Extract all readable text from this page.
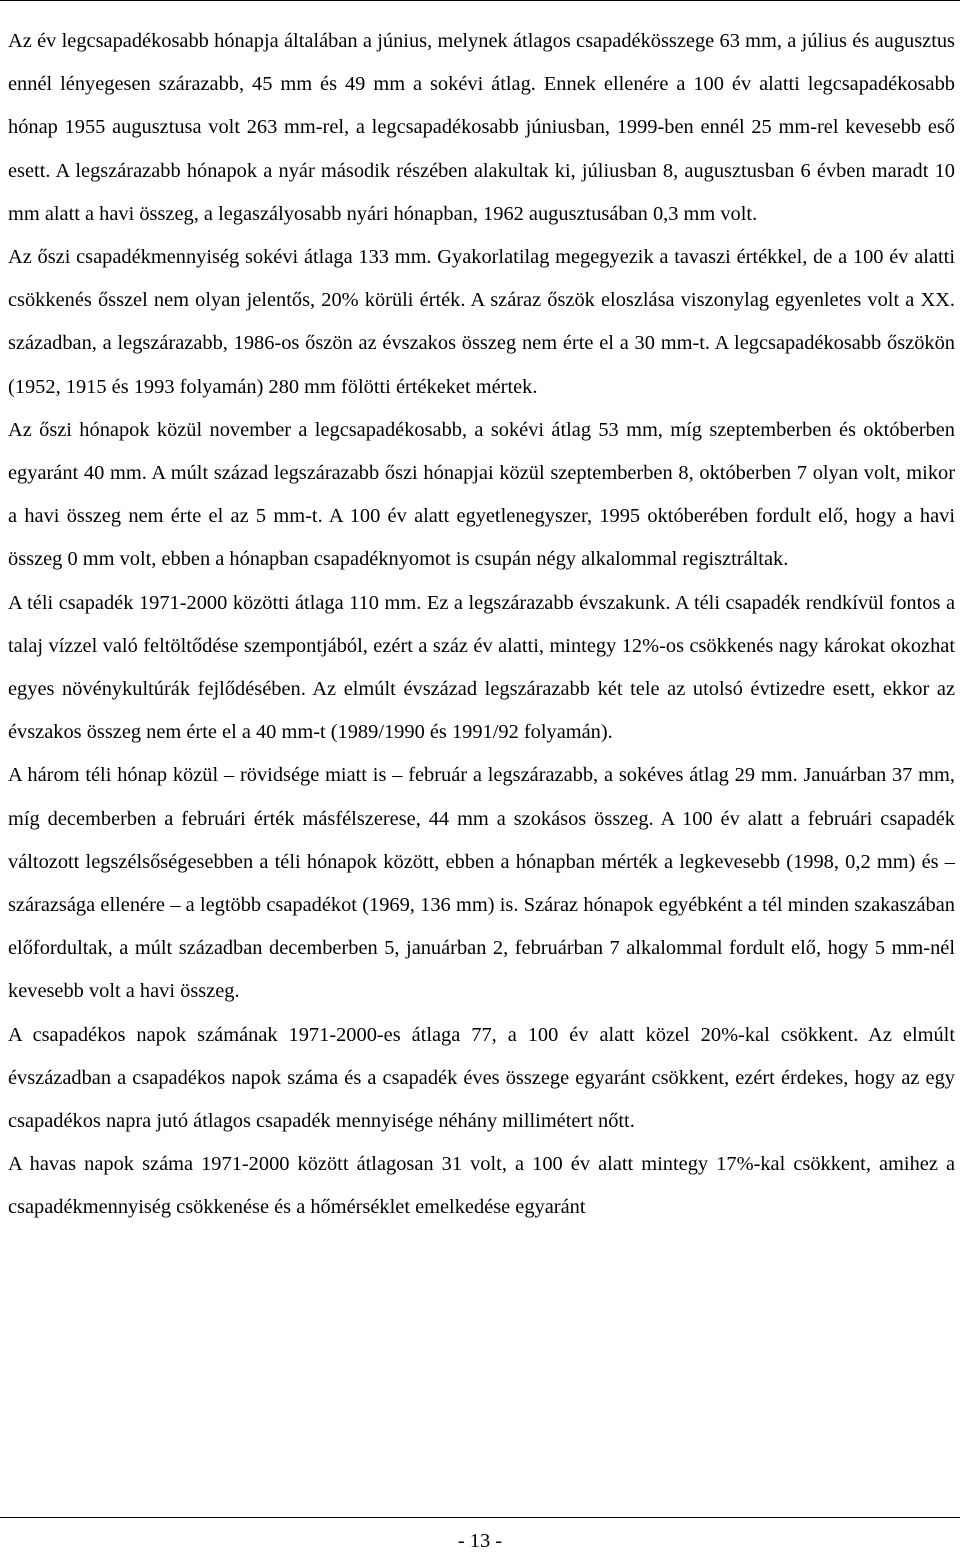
Az év legcsapadékosabb hónapja általában a június, melynek átlagos csapadékösszege 63 mm, a július és augusztus ennél lényegesen szárazabb, 45 mm és 49 mm a sokévi átlag. Ennek ellenére a 100 év alatti legcsapadékosabb hónap 1955 augusztusa volt 263 mm-rel, a legcsapadékosabb júniusban, 1999-ben ennél 25 mm-rel kevesebb eső esett. A legszárazabb hónapok a nyár második részében alakultak ki, júliusban 8, augusztusban 6 évben maradt 10 mm alatt a havi összeg, a legaszályosabb nyári hónapban, 1962 augusztusában 0,3 mm volt.

Az őszi csapadékmennyiség sokévi átlaga 133 mm. Gyakorlatilag megegyezik a tavaszi értékkel, de a 100 év alatti csökkenés ősszel nem olyan jelentős, 20% körüli érték. A száraz őszök eloszlása viszonylag egyenletes volt a XX. században, a legszárazabb, 1986-os őszön az évszakos összeg nem érte el a 30 mm-t. A legcsapadékosabb őszökön (1952, 1915 és 1993 folyamán) 280 mm fölötti értékeket mértek.

Az őszi hónapok közül november a legcsapadékosabb, a sokévi átlag 53 mm, míg szeptemberben és októberben egyaránt 40 mm. A múlt század legszárazabb őszi hónapjai közül szeptemberben 8, októberben 7 olyan volt, mikor a havi összeg nem érte el az 5 mm-t. A 100 év alatt egyetlenegyszer, 1995 októberében fordult elő, hogy a havi összeg 0 mm volt, ebben a hónapban csapadéknyomot is csupán négy alkalommal regisztráltak.

A téli csapadék 1971-2000 közötti átlaga 110 mm. Ez a legszárazabb évszakunk. A téli csapadék rendkívül fontos a talaj vízzel való feltöltődése szempontjából, ezért a száz év alatti, mintegy 12%-os csökkenés nagy károkat okozhat egyes növénykultúrák fejlődésében. Az elmúlt évszázad legszárazabb két tele az utolsó évtizedre esett, ekkor az évszakos összeg nem érte el a 40 mm-t (1989/1990 és 1991/92 folyamán).

A három téli hónap közül – rövidsége miatt is – február a legszárazabb, a sokéves átlag 29 mm. Januárban 37 mm, míg decemberben a februári érték másfélszerese, 44 mm a szokásos összeg. A 100 év alatt a februári csapadék változott legszélsőségesebben a téli hónapok között, ebben a hónapban mérték a legkevesebb (1998, 0,2 mm) és – szárazsága ellenére – a legtöbb csapadékot (1969, 136 mm) is. Száraz hónapok egyébként a tél minden szakaszában előfordultak, a múlt században decemberben 5, januárban 2, februárban 7 alkalommal fordult elő, hogy 5 mm-nél kevesebb volt a havi összeg.

A csapadékos napok számának 1971-2000-es átlaga 77, a 100 év alatt közel 20%-kal csökkent. Az elmúlt évszázadban a csapadékos napok száma és a csapadék éves összege egyaránt csökkent, ezért érdekes, hogy az egy csapadékos napra jutó átlagos csapadék mennyisége néhány millimétert nőtt.

A havas napok száma 1971-2000 között átlagosan 31 volt, a 100 év alatt mintegy 17%-kal csökkent, amihez a csapadékmennyiség csökkenése és a hőmérséklet emelkedése egyaránt

- 13 -
